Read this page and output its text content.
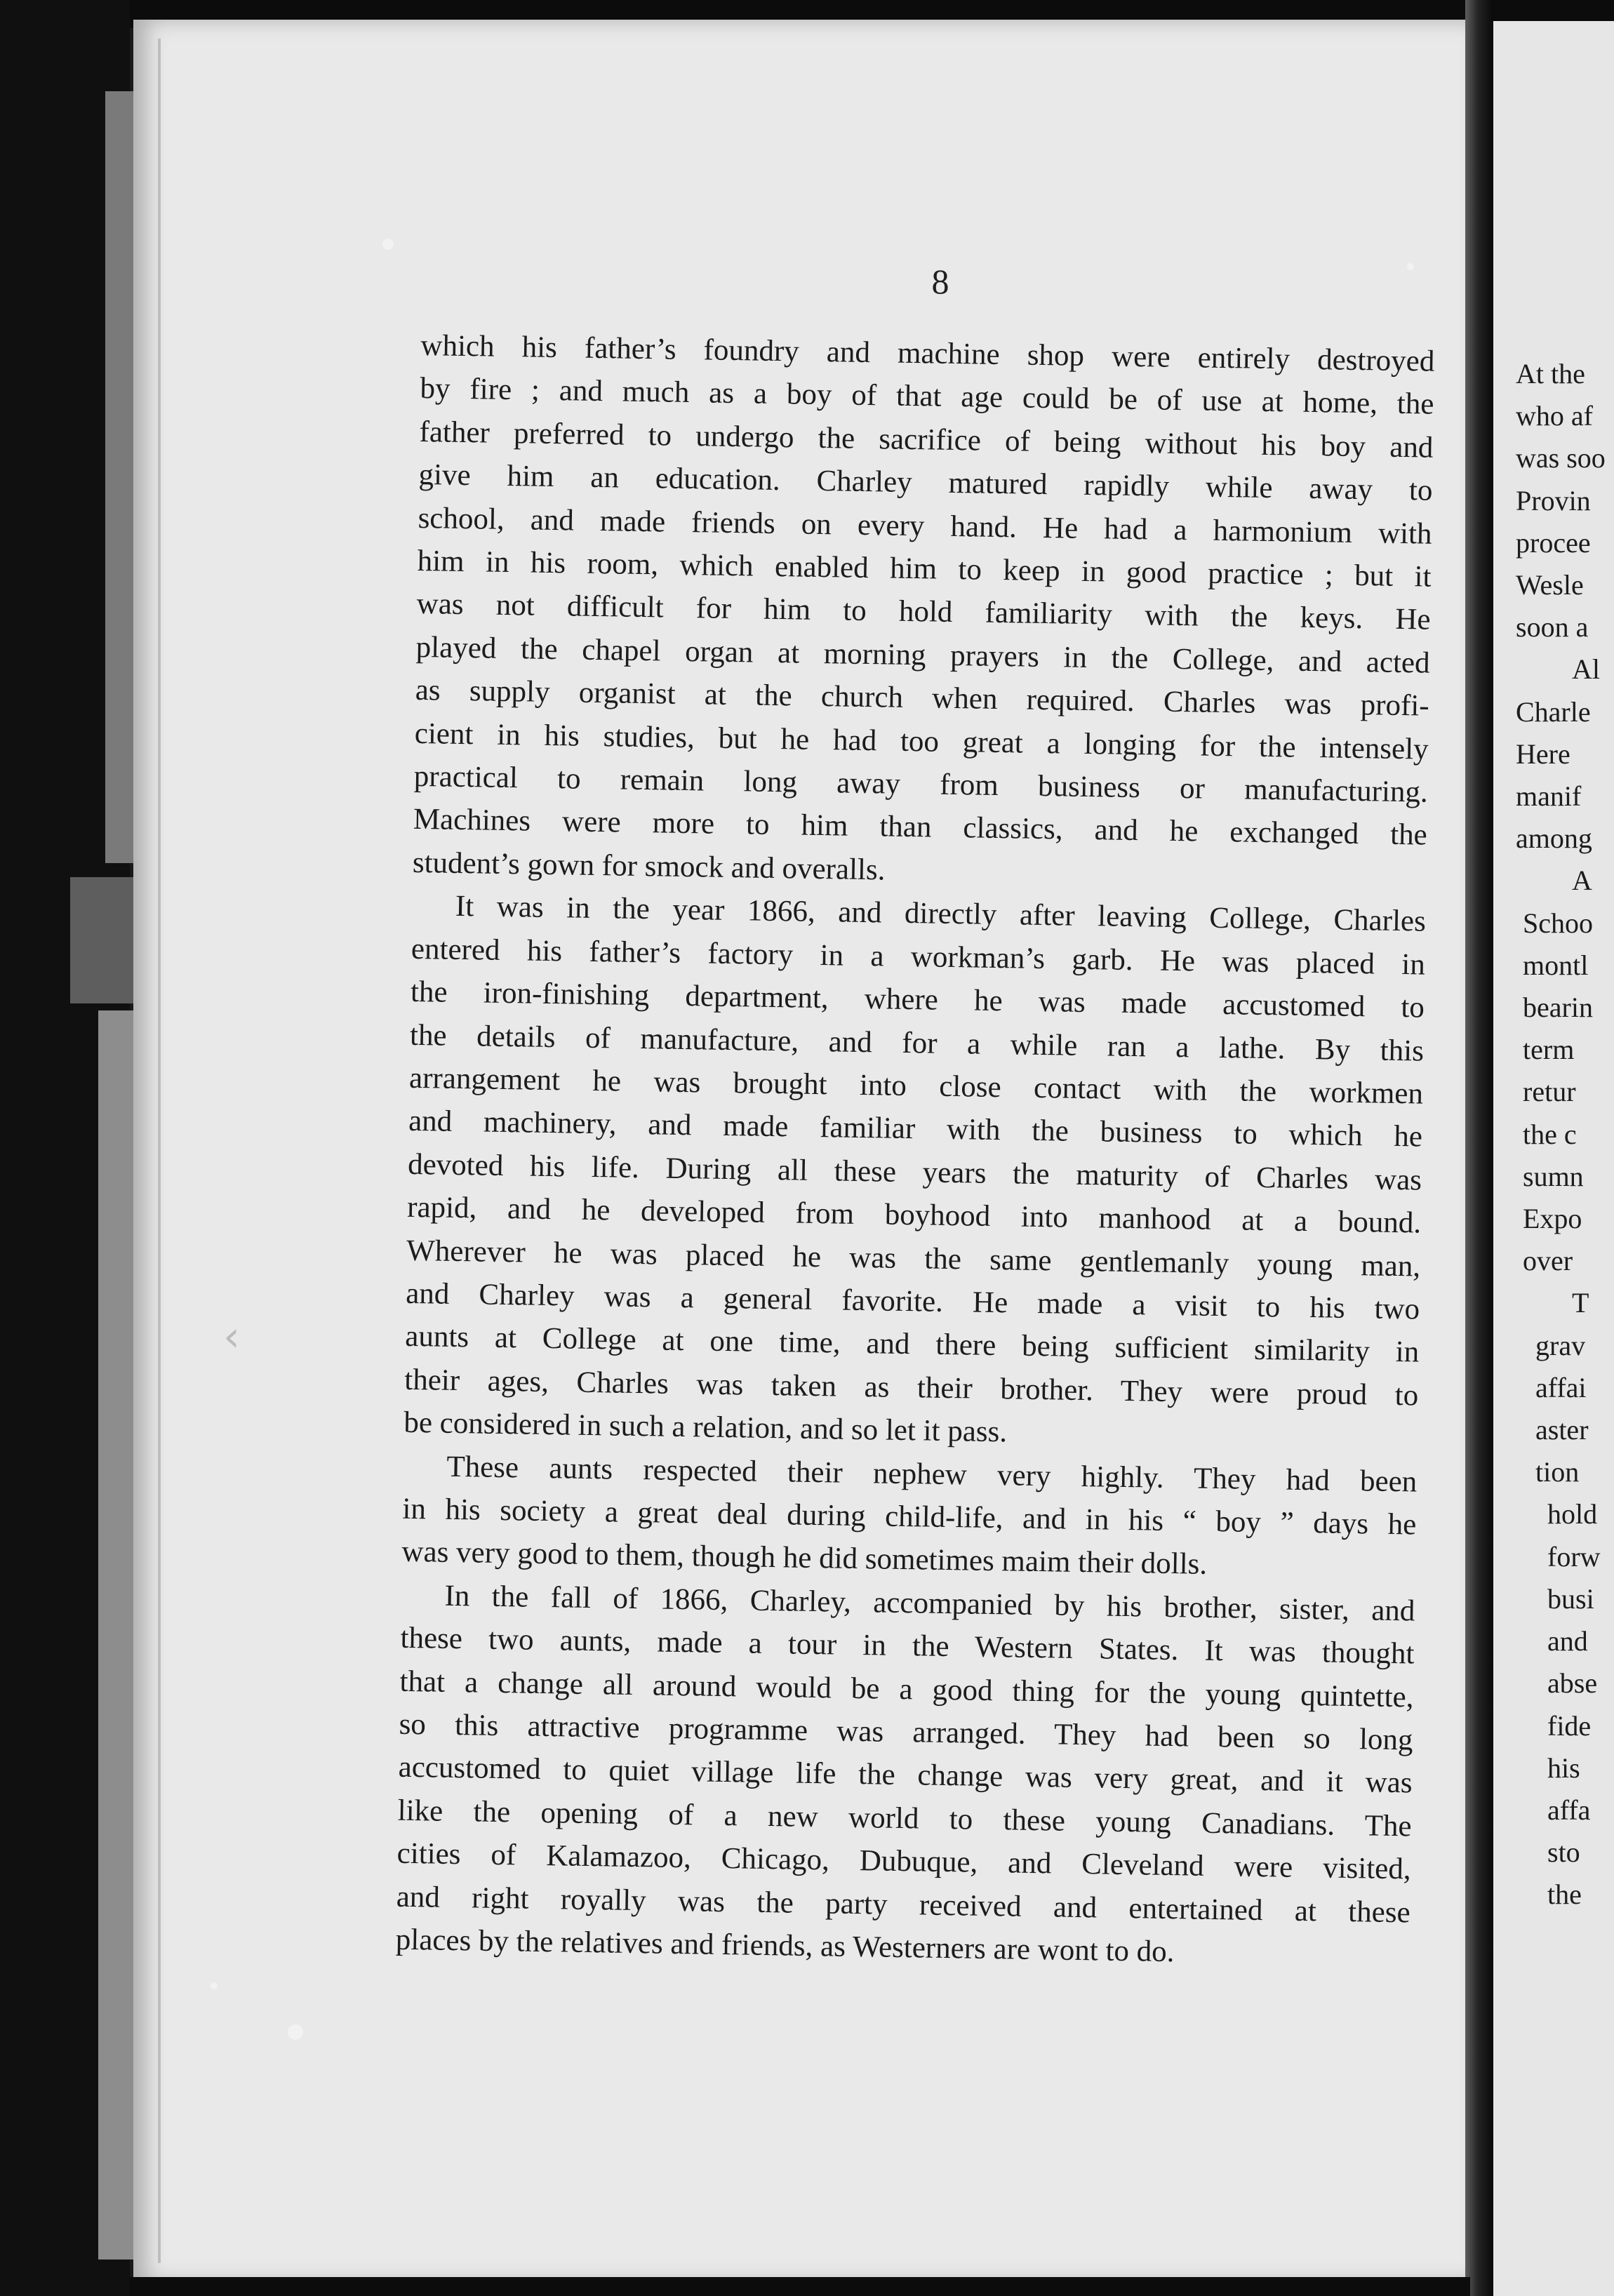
‹
8

which his father’s foundry and machine shop were entirely destroyed
by fire ; and much as a boy of that age could be of use at home, the
father preferred to undergo the sacrifice of being without his boy and
give him an education. Charley matured rapidly while away to
school, and made friends on every hand. He had a harmonium with
him in his room, which enabled him to keep in good practice ; but it
was not difficult for him to hold familiarity with the keys. He
played the chapel organ at morning prayers in the College, and acted
as supply organist at the church when required. Charles was profi-
cient in his studies, but he had too great a longing for the intensely
practical to remain long away from business or manufacturing.
Machines were more to him than classics, and he exchanged the
student’s gown for smock and overalls.

It was in the year 1866, and directly after leaving College, Charles
entered his father’s factory in a workman’s garb. He was placed in
the iron-finishing department, where he was made accustomed to
the details of manufacture, and for a while ran a lathe. By this
arrangement he was brought into close contact with the workmen
and machinery, and made familiar with the business to which he
devoted his life. During all these years the maturity of Charles was
rapid, and he developed from boyhood into manhood at a bound.
Wherever he was placed he was the same gentlemanly young man,
and Charley was a general favorite. He made a visit to his two
aunts at College at one time, and there being sufficient similarity in
their ages, Charles was taken as their brother. They were proud to
be considered in such a relation, and so let it pass.

These aunts respected their nephew very highly. They had been
in his society a great deal during child-life, and in his “ boy ” days he
was very good to them, though he did sometimes maim their dolls.

In the fall of 1866, Charley, accompanied by his brother, sister, and
these two aunts, made a tour in the Western States. It was thought
that a change all around would be a good thing for the young quintette,
so this attractive programme was arranged. They had been so long
accustomed to quiet village life the change was very great, and it was
like the opening of a new world to these young Canadians. The
cities of Kalamazoo, Chicago, Dubuque, and Cleveland were visited,
and right royally was the party received and entertained at these
places by the relatives and friends, as Westerners are wont to do.

At the
who af
was soo
Provin
procee
Wesle
soon a
Al
Charle
Here
manif
among
A
Schoo
montl
bearin
term
retur
the c
sumn
Expo
over
T
grav
affai
aster
tion
hold
forw
busi
and
abse
fide
his
affa
sto
the
